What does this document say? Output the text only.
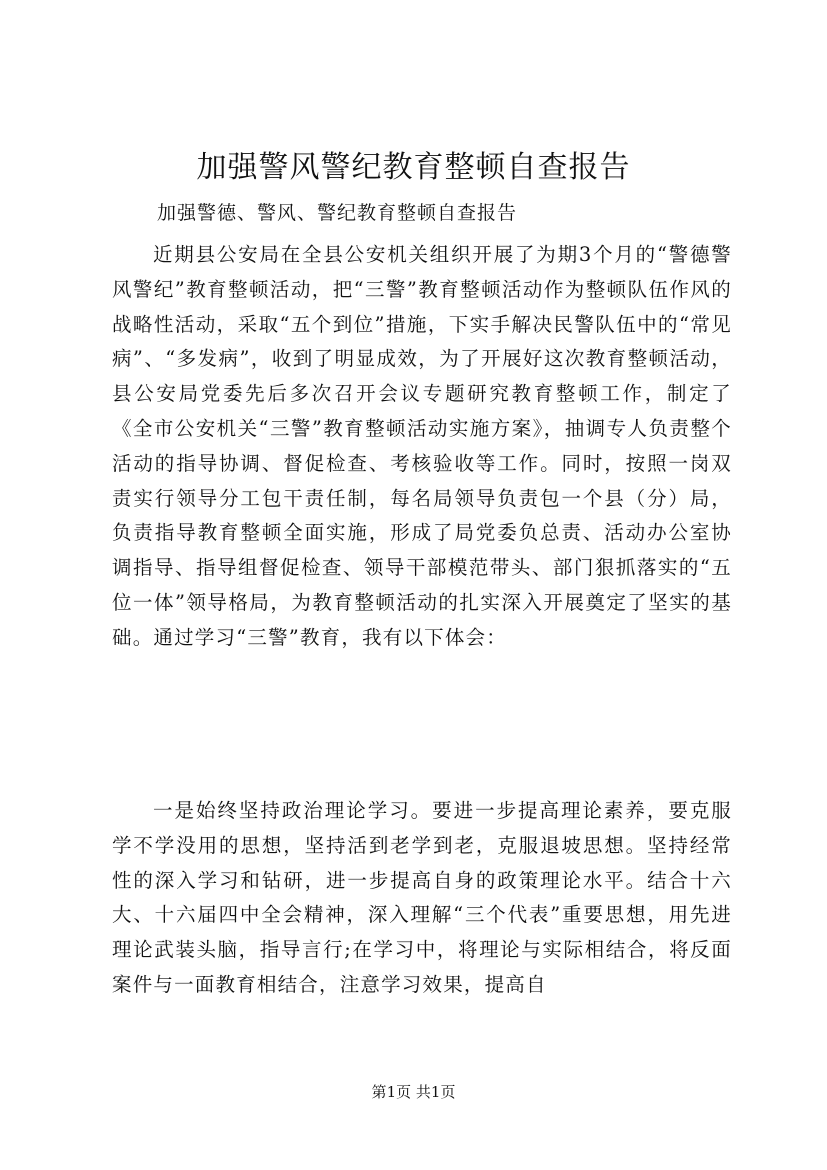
加强警风警纪教育整顿自查报告
加强警德、警风、警纪教育整顿自查报告

近期县公安局在全县公安机关组织开展了为期3个月的“警德警风警纪”教育整顿活动，把“三警”教育整顿活动作为整顿队伍作风的战略性活动，采取“五个到位”措施，下实手解决民警队伍中的“常见病”、“多发病”，收到了明显成效，为了开展好这次教育整顿活动，县公安局党委先后多次召开会议专题研究教育整顿工作，制定了《全市公安机关“三警”教育整顿活动实施方案》，抽调专人负责整个活动的指导协调、督促检查、考核验收等工作。同时，按照一岗双责实行领导分工包干责任制，每名局领导负责包一个县（分）局，负责指导教育整顿全面实施，形成了局党委负总责、活动办公室协调指导、指导组督促检查、领导干部模范带头、部门狠抓落实的“五位一体”领导格局，为教育整顿活动的扎实深入开展奠定了坚实的基础。通过学习“三警”教育，我有以下体会：

一是始终坚持政治理论学习。要进一步提高理论素养，要克服学不学没用的思想，坚持活到老学到老，克服退坡思想。坚持经常性的深入学习和钻研，进一步提高自身的政策理论水平。结合十六大、十六届四中全会精神，深入理解“三个代表”重要思想，用先进理论武装头脑，指导言行;在学习中，将理论与实际相结合，将反面案件与一面教育相结合，注意学习效果，提高自

第1页 共1页
